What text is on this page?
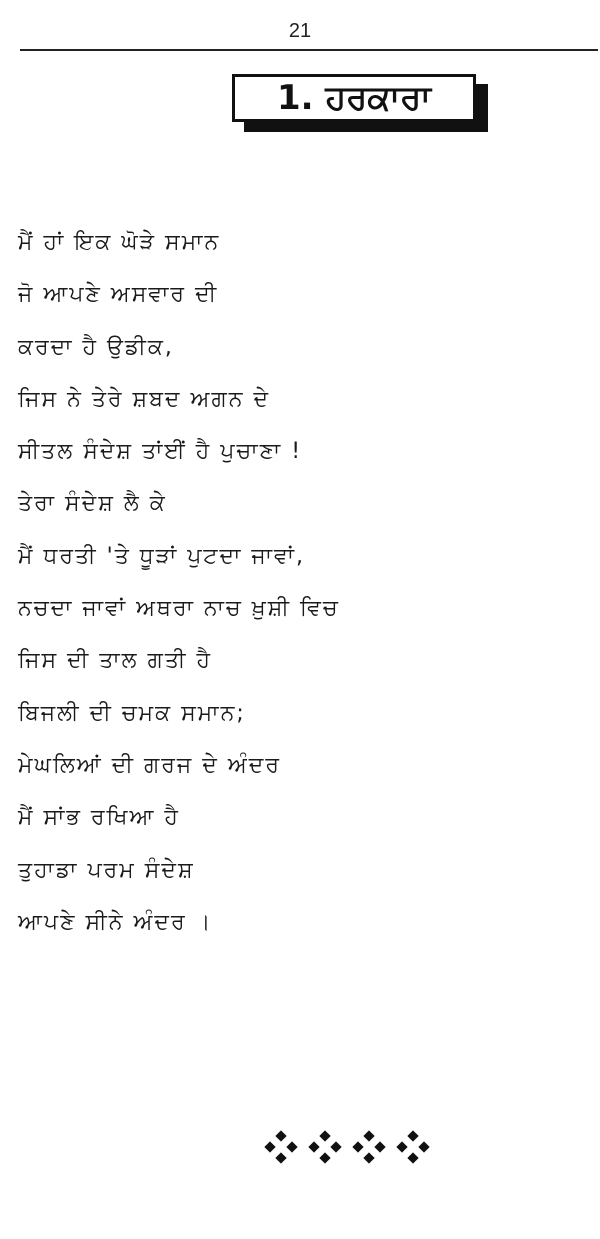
21
1. ਹਰਕਾਰਾ
ਮੈਂ ਹਾਂ ਇਕ ਘੋੜੇ ਸਮਾਨ
ਜੋ ਆਪਣੇ ਅਸਵਾਰ ਦੀ
ਕਰਦਾ ਹੈ ਉਡੀਕ,
ਜਿਸ ਨੇ ਤੇਰੇ ਸ਼ਬਦ ਅਗਨ ਦੇ
ਸੀਤਲ ਸੰਦੇਸ਼ ਤਾਂਈਂ ਹੈ ਪੁਚਾਣਾ !
ਤੇਰਾ ਸੰਦੇਸ਼ ਲੈ ਕੇ
ਮੈਂ ਧਰਤੀ 'ਤੇ ਧੂੜਾਂ ਪੁਟਦਾ ਜਾਵਾਂ,
ਨਚਦਾ ਜਾਵਾਂ ਅਥਰਾ ਨਾਚ ਖ਼ੁਸ਼ੀ ਵਿਚ
ਜਿਸ ਦੀ ਤਾਲ ਗਤੀ ਹੈ
ਬਿਜਲੀ ਦੀ ਚਮਕ ਸਮਾਨ;
ਮੇਘਲਿਆਂ ਦੀ ਗਰਜ ਦੇ ਅੰਦਰ
ਮੈਂ ਸਾਂਭ ਰਖਿਆ ਹੈ
ਤੁਹਾਡਾ ਪਰਮ ਸੰਦੇਸ਼
ਆਪਣੇ ਸੀਨੇ ਅੰਦਰ ।
